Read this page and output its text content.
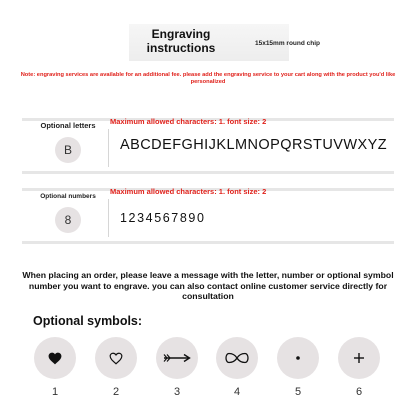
Engraving instructions	15x15mm round chip
Note: engraving services are available for an additional fee. please add the engraving service to your cart along with the product you'd like personalized
Optional letters	Maximum allowed characters: 1. font size: 2
B	ABCDEFGHIJKLMNOPQRSTUVWXYZ
Optional numbers
Maximum allowed characters: 1. font size: 2
8	1234567890
When placing an order, please leave a message with the letter, number or optional symbol number you want to engrave. you can also contact online customer service directly for consultation
Optional symbols:
1	2	3	4	5	6
